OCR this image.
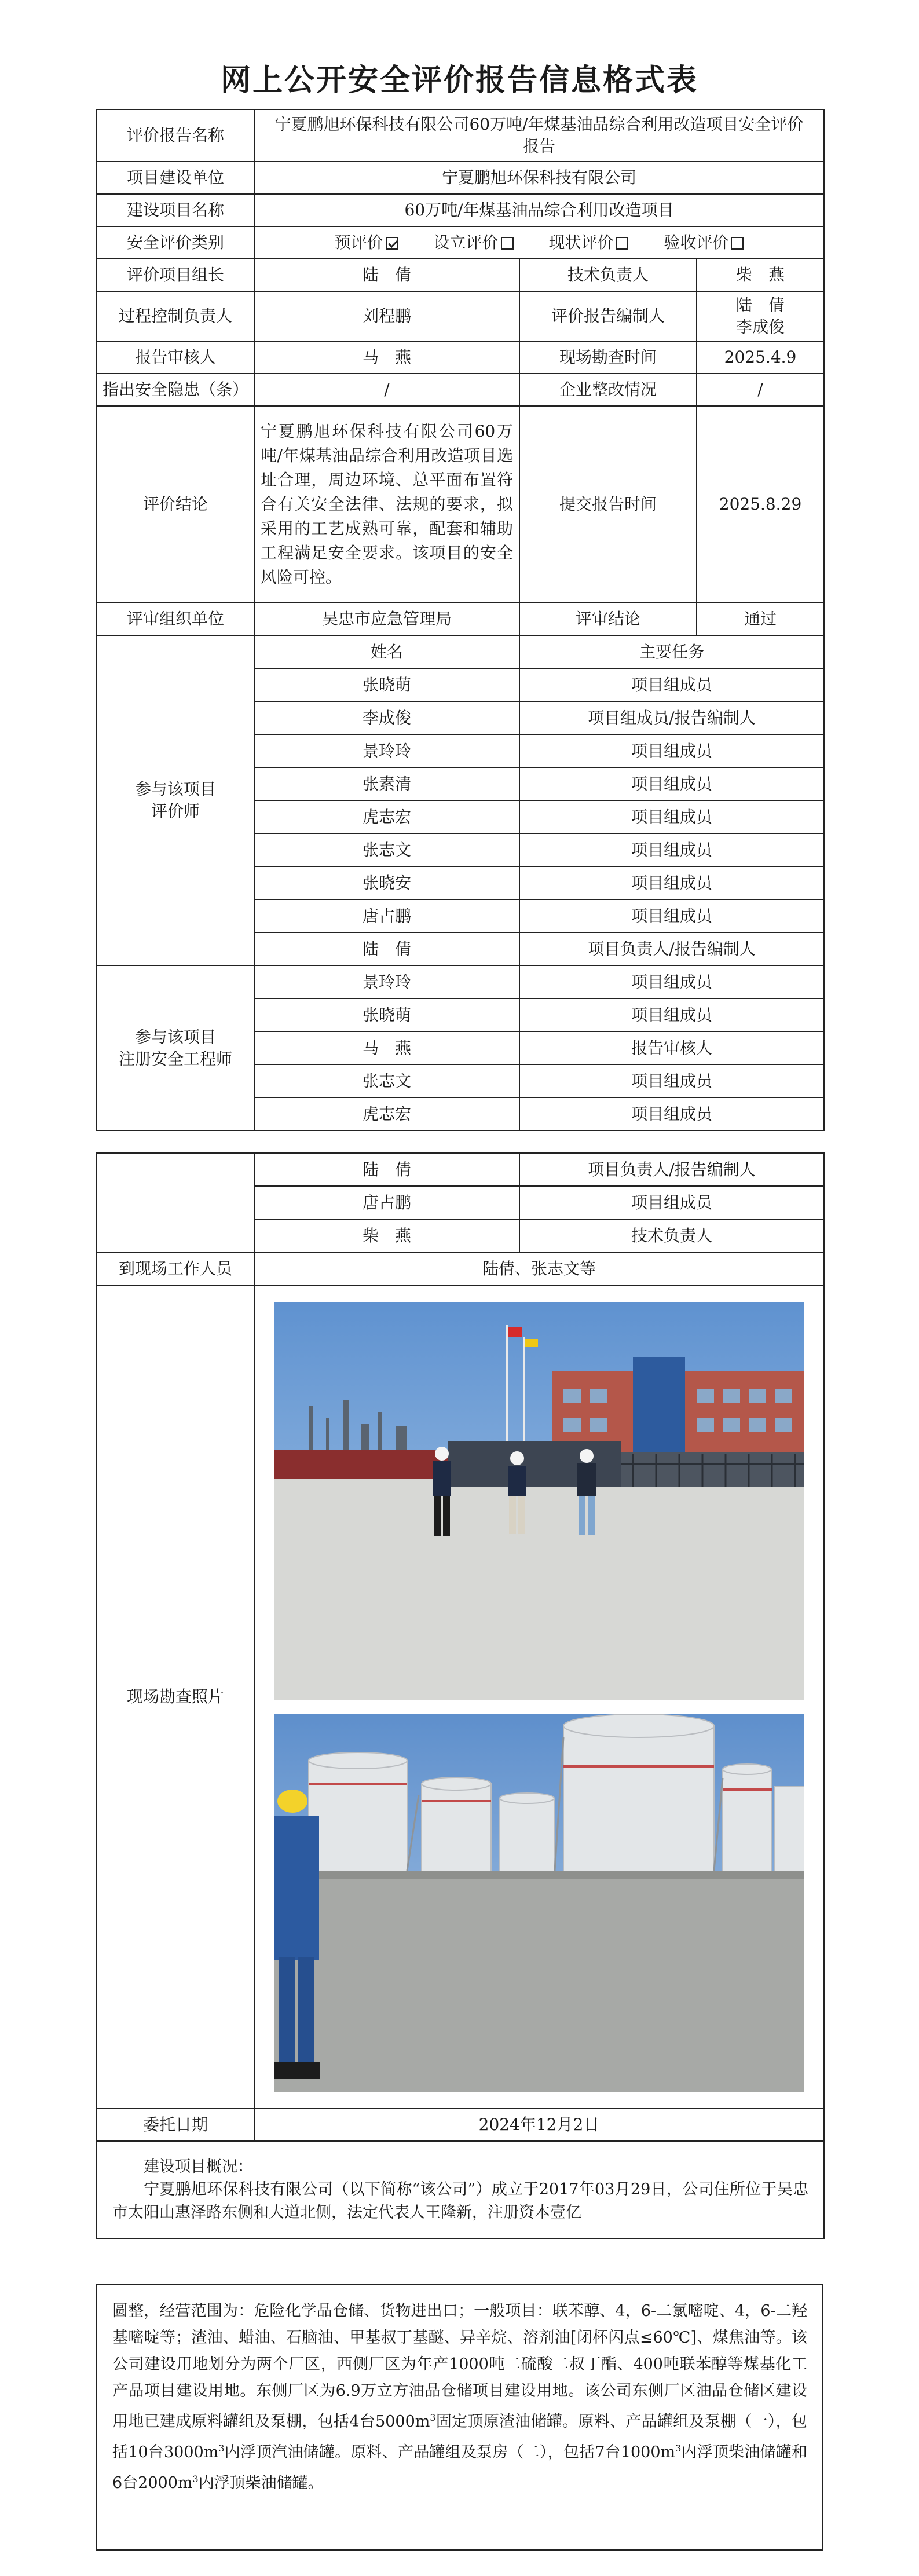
网上公开安全评价报告信息格式表
评价报告名称	宁夏鹏旭环保科技有限公司60万吨/年煤基油品综合利用改造项目安全评价报告		
项目建设单位	宁夏鹏旭环保科技有限公司		
建设项目名称	60万吨/年煤基油品综合利用改造项目		
安全评价类别	预评价 设立评价 现状评价 验收评价		
评价项目组长	陆　倩	技术负责人	柴　燕
过程控制负责人	刘程鹏	评价报告编制人	陆　倩
李成俊

报告审核人	马　燕	现场勘查时间	2025.4.9
指出安全隐患（条）	/	企业整改情况	/
评价结论	宁夏鹏旭环保科技有限公司60万吨/年煤基油品综合利用改造项目选址合理，周边环境、总平面布置符合有关安全法律、法规的要求，拟采用的工艺成熟可靠，配套和辅助工程满足安全要求。该项目的安全风险可控。	提交报告时间	2025.8.29
评审组织单位	吴忠市应急管理局	评审结论	通过

参与该项目
评价师	姓名	主要任务	
	张晓萌	项目组成员	
	李成俊	项目组成员/报告编制人	
	景玲玲	项目组成员	
	张素清	项目组成员	
	虎志宏	项目组成员	
	张志文	项目组成员	
	张晓安	项目组成员	
	唐占鹏	项目组成员	
	陆　倩	项目负责人/报告编制人	

参与该项目
注册安全工程师	景玲玲	项目组成员	
	张晓萌	项目组成员	
	马　燕	报告审核人	
	张志文	项目组成员	
	虎志宏	项目组成员	
	陆　倩	项目负责人/报告编制人
	唐占鹏	项目组成员
	柴　燕	技术负责人
到现场工作人员	陆倩、张志文等	
现场勘查照片	

委托日期	2024年12月2日	

建设项目概况：
宁夏鹏旭环保科技有限公司（以下简称“该公司”）成立于2017年03月29日，公司住所位于吴忠市太阳山惠泽路东侧和大道北侧，法定代表人王隆新，注册资本壹亿		
圆整，经营范围为：危险化学品仓储、货物进出口；一般项目：联苯醇、4，6-二氯嘧啶、4，6-二羟基嘧啶等；渣油、蜡油、石脑油、甲基叔丁基醚、异辛烷、溶剂油[闭杯闪点≤60℃]、煤焦油等。该公司建设用地划分为两个厂区，西侧厂区为年产1000吨二硫酸二叔丁酯、400吨联苯醇等煤基化工产品项目建设用地。东侧厂区为6.9万立方油品仓储项目建设用地。该公司东侧厂区油品仓储区建设用地已建成原料罐组及泵棚，包括4台$5000m^3$固定顶原渣油储罐。原料、产品罐组及泵棚（一），包括10台$3000m^3$内浮顶汽油储罐。原料、产品罐组及泵房（二），包括7台$1000m^3$内浮顶柴油储罐和6台$2000m^3$内浮顶柴油储罐。
